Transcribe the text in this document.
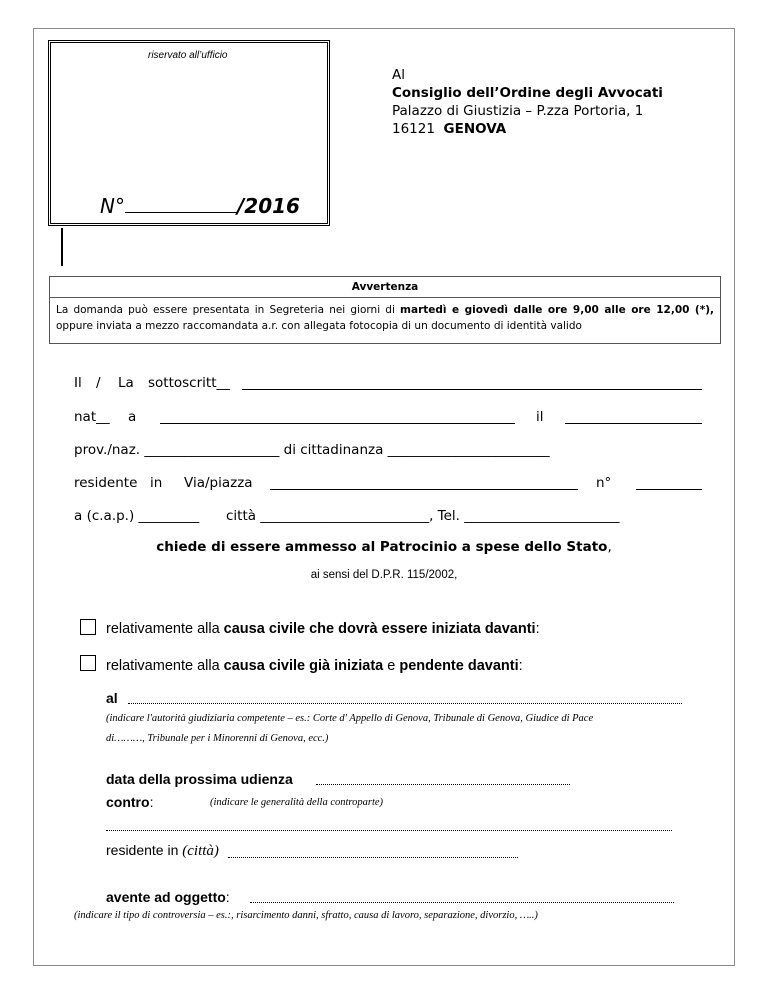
riservato all’ufficio
N°	/2016
Al
Consiglio dell’Ordine degli Avvocati
Palazzo di Giustizia – P.zza Portoria, 1
16121 GENOVA
Avvertenza
La domanda può essere presentata in Segreteria nei giorni di martedì e giovedì dalle ore 9,00 alle ore 12,00 (*), oppure inviata a mezzo raccomandata a.r. con allegata fotocopia di un documento di identità valido
Il / La sottoscritt__
nat__ a	il
prov./naz. ____________________ di cittadinanza ________________________
residente in Via/piazza	n°
a (c.a.p.) _________ città _________________________, Tel. _______________________
chiede di essere ammesso al Patrocinio a spese dello Stato,
ai sensi del D.P.R. 115/2002,
relativamente alla causa civile che dovrà essere iniziata davanti:
relativamente alla causa civile già iniziata e pendente davanti:
al
(indicare l'autorità giudiziaria competente – es.: Corte d' Appello di Genova, Tribunale di Genova, Giudice di Pace
di………, Tribunale per i Minorenni di Genova, ecc.)
data della prossima udienza
contro:	(indicare le generalità della controparte)
residente in (città)
avente ad oggetto:
(indicare il tipo di controversia – es.:, risarcimento danni, sfratto, causa di lavoro, separazione, divorzio, …..)
